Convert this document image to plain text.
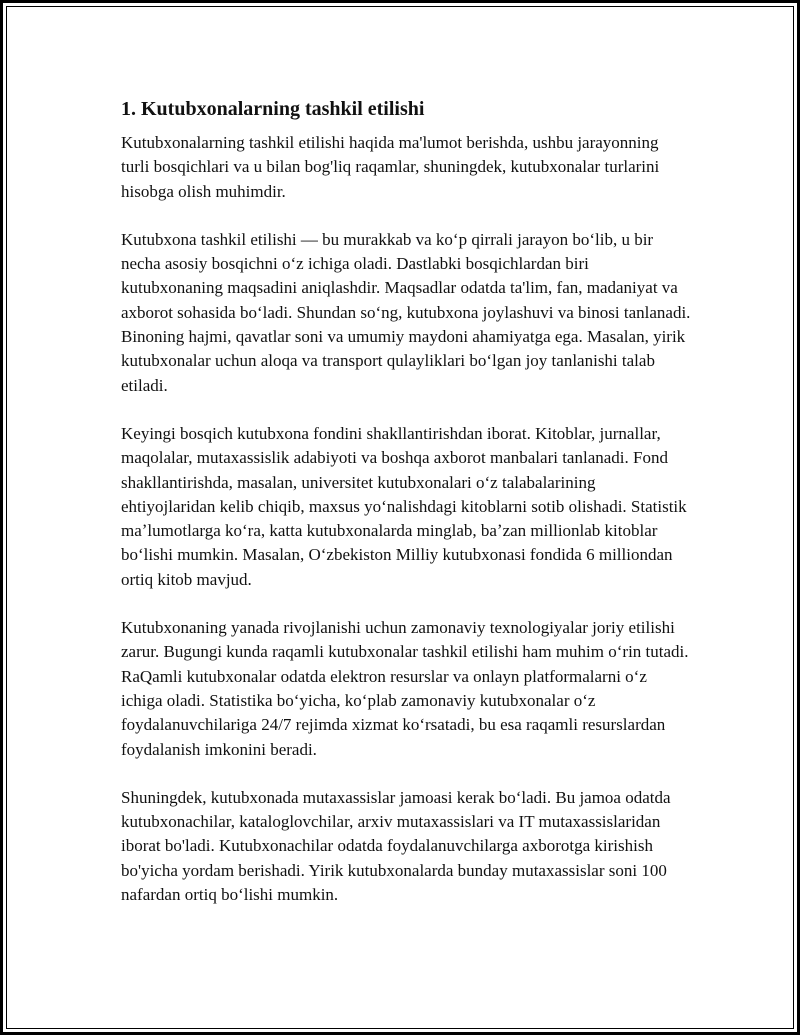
1. Kutubxonalarning tashkil etilishi

Kutubxonalarning tashkil etilishi haqida ma'lumot berishda, ushbu jarayonning turli bosqichlari va u bilan bog'liq raqamlar, shuningdek, kutubxonalar turlarini hisobga olish muhimdir.

Kutubxona tashkil etilishi — bu murakkab va koʻp qirrali jarayon boʻlib, u bir necha asosiy bosqichni oʻz ichiga oladi. Dastlabki bosqichlardan biri kutubxonaning maqsadini aniqlashdir. Maqsadlar odatda ta'lim, fan, madaniyat va axborot sohasida boʻladi. Shundan soʻng, kutubxona joylashuvi va binosi tanlanadi. Binoning hajmi, qavatlar soni va umumiy maydoni ahamiyatga ega. Masalan, yirik kutubxonalar uchun aloqa va transport qulayliklari boʻlgan joy tanlanishi talab etiladi.

Keyingi bosqich kutubxona fondini shakllantirishdan iborat. Kitoblar, jurnallar, maqolalar, mutaxassislik adabiyoti va boshqa axborot manbalari tanlanadi. Fond shakllantirishda, masalan, universitet kutubxonalari oʻz talabalarining ehtiyojlaridan kelib chiqib, maxsus yoʻnalishdagi kitoblarni sotib olishadi. Statistik maʼlumotlarga koʻra, katta kutubxonalarda minglab, baʼzan millionlab kitoblar boʻlishi mumkin. Masalan, Oʻzbekiston Milliy kutubxonasi fondida 6 milliondan ortiq kitob mavjud.

Kutubxonaning yanada rivojlanishi uchun zamonaviy texnologiyalar joriy etilishi zarur. Bugungi kunda raqamli kutubxonalar tashkil etilishi ham muhim oʻrin tutadi. RaQamli kutubxonalar odatda elektron resurslar va onlayn platformalarni oʻz ichiga oladi. Statistika boʻyicha, koʻplab zamonaviy kutubxonalar oʻz foydalanuvchilariga 24/7 rejimda xizmat koʻrsatadi, bu esa raqamli resurslardan foydalanish imkonini beradi.

Shuningdek, kutubxonada mutaxassislar jamoasi kerak boʻladi. Bu jamoa odatda kutubxonachilar, kataloglovchilar, arxiv mutaxassislari va IT mutaxassislaridan iborat bo'ladi. Kutubxonachilar odatda foydalanuvchilarga axborotga kirishish bo'yicha yordam berishadi. Yirik kutubxonalarda bunday mutaxassislar soni 100 nafardan ortiq boʻlishi mumkin.
